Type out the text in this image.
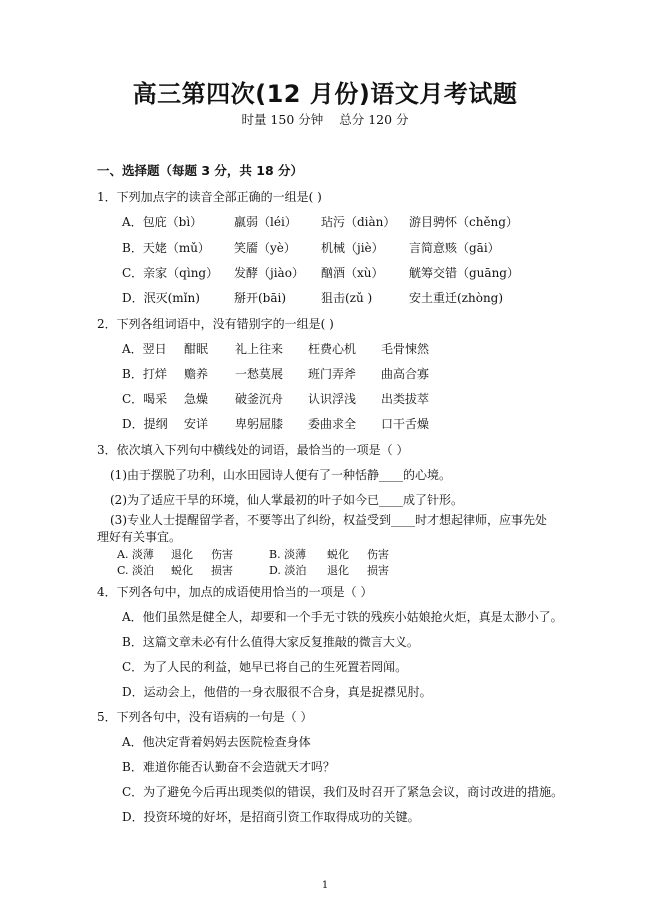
高三第四次(12 月份)语文月考试题
时量 150 分钟 总分 120 分
一、选择题（每题 3 分，共 18 分）
1．下列加点字的读音全部正确的一组是( )
A．包庇（bì）	羸弱（léi） 玷污（diàn） 游目骋怀（chěng）
B．天姥（mǔ） 笑靥（yè） 机械（jiè） 言简意赅（gāi）
C．亲家（qìng） 发酵（jiào） 酗酒（xù） 觥筹交错（guāng）
D．泯灭(mǐn)	掰开(bāi)	狙击(zǔ )	安土重迁(zhòng)
2．下列各组词语中，没有错别字的一组是( )
A．翌日 酣眠 礼上往来 枉费心机 毛骨悚然
B．打烊 赡养 一愁莫展 班门弄斧 曲高合寡
C．喝采 急燥 破釜沉舟 认识浮浅 出类拔萃
D．提纲 安详 卑躬屈膝 委曲求全 口干舌燥
3．依次填入下列句中横线处的词语，最恰当的一项是（ ）
(1)由于摆脱了功利，山水田园诗人便有了一种恬静____的心境。
(2)为了适应干旱的环境，仙人掌最初的叶子如今已____成了针形。
(3)专业人士提醒留学者，不要等出了纠纷，权益受到____时才想起律师，应事先处
理好有关事宜。
A. 淡薄 退化 伤害	B. 淡薄 蜕化 伤害
C. 淡泊 蜕化 损害	D. 淡泊 退化 损害
4．下列各句中，加点的成语使用恰当的一项是（ ）
A．他们虽然是健全人，却要和一个手无寸铁的残疾小姑娘抢火炬，真是太渺小了。
B．这篇文章未必有什么值得大家反复推敲的微言大义。
C．为了人民的利益，她早已将自己的生死置若罔闻。
D．运动会上，他借的一身衣服很不合身，真是捉襟见肘。
5．下列各句中，没有语病的一句是（ ）
A．他决定背着妈妈去医院检查身体
B．难道你能否认勤奋不会造就天才吗？
C．为了避免今后再出现类似的错误，我们及时召开了紧急会议，商讨改进的措施。
D．投资环境的好坏，是招商引资工作取得成功的关键。
1
